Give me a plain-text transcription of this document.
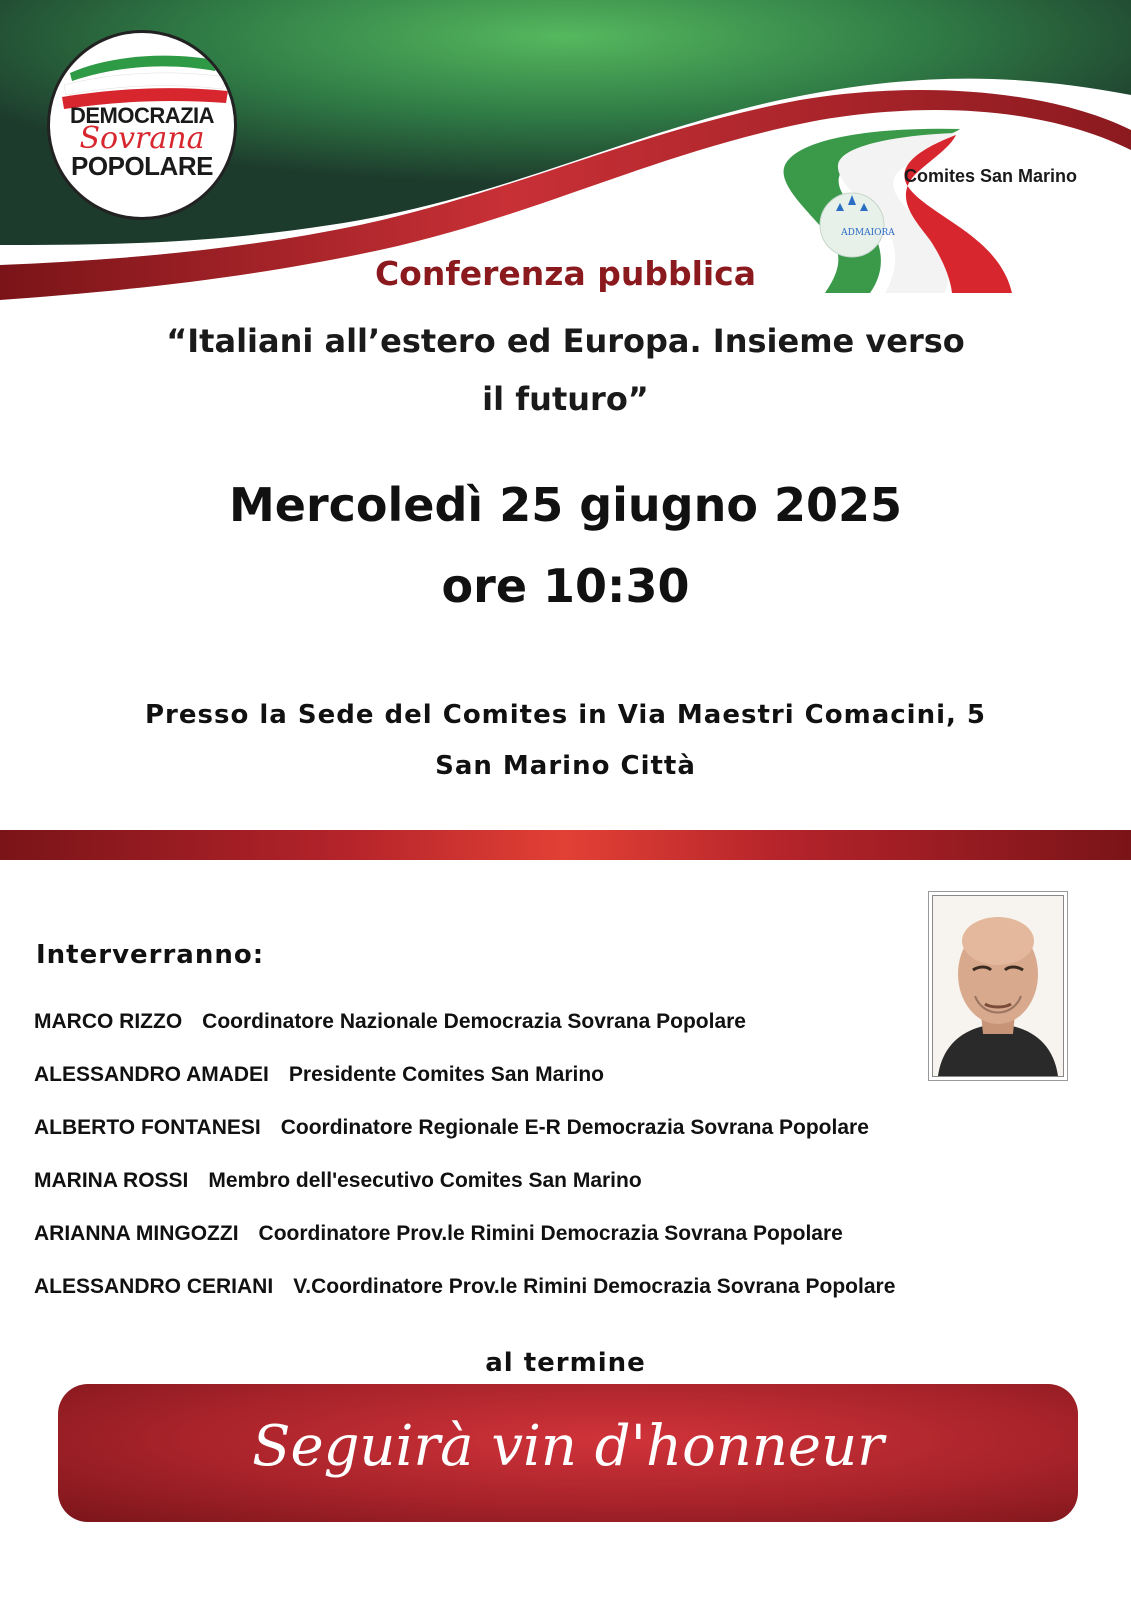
DEMOCRAZIA
Sovrana
POPOLARE	Comites San Marino
ADMAIORA
Conferenza pubblica
“Italiani all’estero ed Europa. Insieme verso il futuro”
Mercoledì 25 giugno 2025
ore 10:30
Presso la Sede del Comites in Via Maestri Comacini, 5
San Marino Città
Interverranno:
MARCO RIZZO Coordinatore Nazionale Democrazia Sovrana Popolare
ALESSANDRO AMADEI Presidente Comites San Marino
ALBERTO FONTANESI Coordinatore Regionale E-R Democrazia Sovrana Popolare
MARINA ROSSI Membro dell'esecutivo Comites San Marino
ARIANNA MINGOZZI Coordinatore Prov.le Rimini Democrazia Sovrana Popolare
ALESSANDRO CERIANI V.Coordinatore Prov.le Rimini Democrazia Sovrana Popolare
al termine
Seguirà vin d'honneur
